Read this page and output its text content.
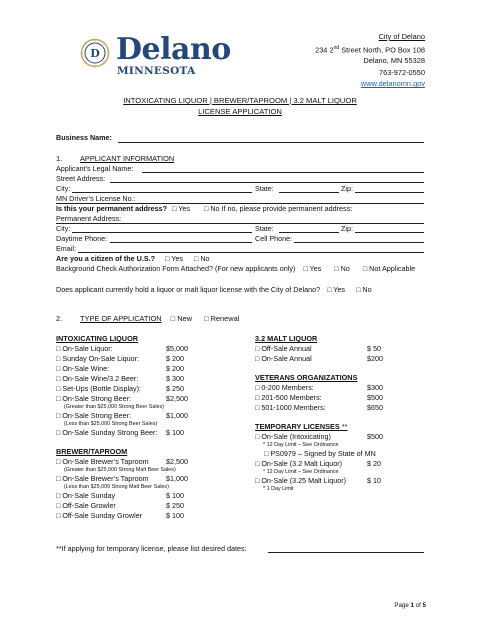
D Delano
MINNESOTA
City of Delano
234 2nd Street North, PO Box 108
Delano, MN 55328
763-972-0550
www.delanomn.gov
INTOXICATING LIQUOR | BREWER/TAPROOM | 3.2 MALT LIQUOR
LICENSE APPLICATION
Business Name:
1. APPLICANT INFORMATION
Applicant’s Legal Name:
Street Address:
City:	State:	Zip:
MN Driver’s License No.:
Is this your permanent address? □ Yes □ No If no, please provide permanent address:
Permanent Address:
City:	State:	Zip:
Daytime Phone:	Cell Phone:
Email:
Are you a citizen of the U.S.? □ Yes □ No
Background Check Authorization Form Attached? (For new applicants only) □ Yes □ No □ Not Applicable
Does applicant currently hold a liquor or malt liquor license with the City of Delano? □ Yes □ No
2. TYPE OF APPLICATION □ New □ Renewal
INTOXICATING LIQUOR
□ On-Sale Liquor:	$5,000
□ Sunday On-Sale Liquor:	$ 200
□ On-Sale Wine:	$ 200
□ On-Sale Wine/3.2 Beer:	$ 300
□ Set-Ups (Bottle Display):	$ 250
□ On-Sale Strong Beer:	$2,500
(Greater than $25,000 Strong Beer Sales)
□ On-Sale Strong Beer:	$1,000
(Less than $25,000 Strong Beer Sales)
□ On-Sale Sunday Strong Beer: $ 100
BREWER/TAPROOM
□ On-Sale Brewer’s Taproom $2,500
(Greater than $25,000 Strong Malt Beer Sales)
□ On-Sale Brewer’s Taproom $1,000
(Less than $25,000 Strong Malt Beer Sales)
□ On-Sale Sunday	$ 100
□ Off-Sale Growler	$ 250
□ Off-Sale Sunday Growler	$ 100
3.2 MALT LIQUOR
□ Off-Sale Annual	$ 50
□ On-Sale Annual	$200
VETERANS ORGANIZATIONS
□ 0-200 Members:	$300
□ 201-500 Members:	$500
□ 501-1000 Members:	$650
TEMPORARY LICENSES **
□ On-Sale (Intoxicating)	$500
* 12 Day Limit – See Ordinance
□ PS0979 – Signed by State of MN
□ On-Sale (3.2 Malt Liquor)	$ 20
* 12 Day Limit – See Ordinance
□ On-Sale (3.25 Malt Liquor)	$ 10
* 1 Day Limit
**If applying for temporary license, please list desired dates:
Page 1 of 5
